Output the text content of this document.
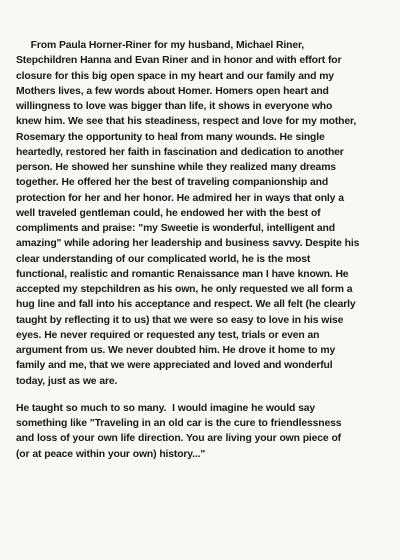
From Paula Horner-Riner for my husband, Michael Riner,
Stepchildren Hanna and Evan Riner and in honor and with effort for
closure for this big open space in my heart and our family and my
Mothers lives, a few words about Homer. Homers open heart and
willingness to love was bigger than life, it shows in everyone who
knew him. We see that his steadiness, respect and love for my mother,
Rosemary the opportunity to heal from many wounds. He single
heartedly, restored her faith in fascination and dedication to another
person. He showed her sunshine while they realized many dreams
together. He offered her the best of traveling companionship and
protection for her and her honor. He admired her in ways that only a
well traveled gentleman could, he endowed her with the best of
compliments and praise: "my Sweetie is wonderful, intelligent and
amazing" while adoring her leadership and business savvy. Despite his
clear understanding of our complicated world, he is the most
functional, realistic and romantic Renaissance man I have known. He
accepted my stepchildren as his own, he only requested we all form a
hug line and fall into his acceptance and respect. We all felt (he clearly
taught by reflecting it to us) that we were so easy to love in his wise
eyes. He never required or requested any test, trials or even an
argument from us. We never doubted him. He drove it home to my
family and me, that we were appreciated and loved and wonderful
today, just as we are.

He taught so much to so many.  I would imagine he would say
something like "Traveling in an old car is the cure to friendlessness
and loss of your own life direction. You are living your own piece of
(or at peace within your own) history..."
